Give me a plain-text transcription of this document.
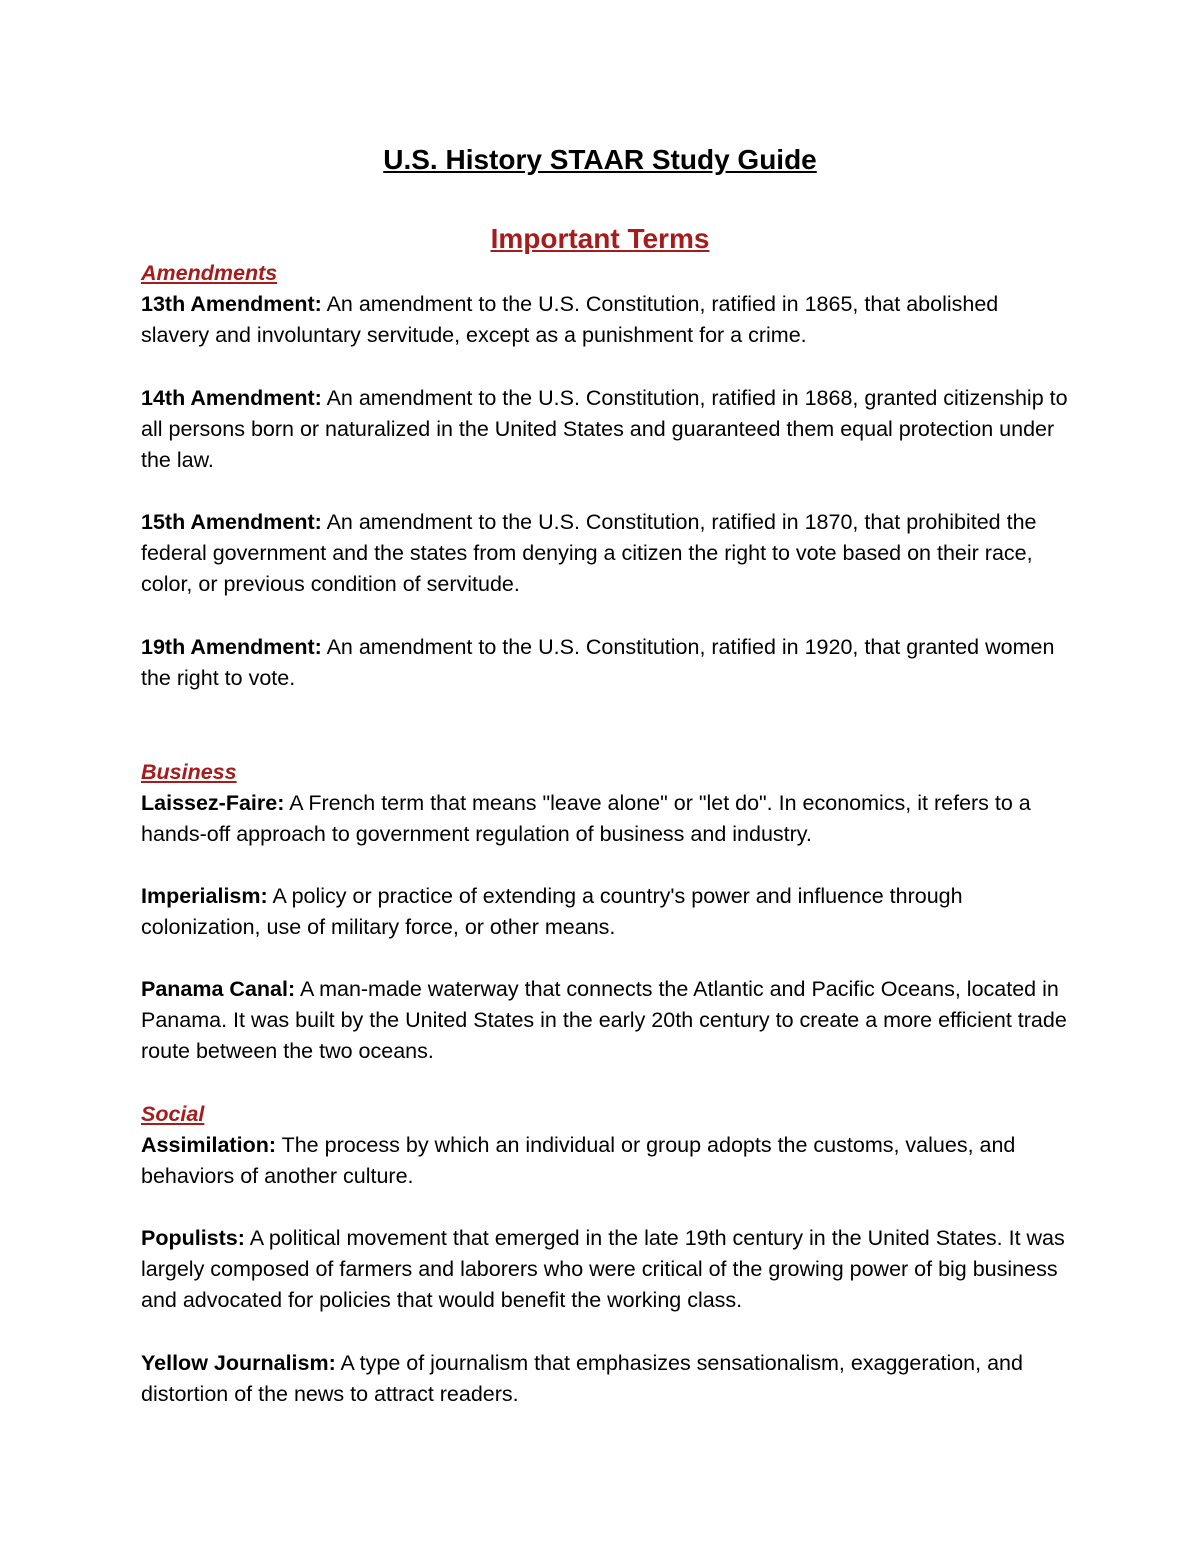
U.S. History STAAR Study Guide
Important Terms
Amendments

13th Amendment: An amendment to the U.S. Constitution, ratified in 1865, that abolished slavery and involuntary servitude, except as a punishment for a crime.

14th Amendment: An amendment to the U.S. Constitution, ratified in 1868, granted citizenship to all persons born or naturalized in the United States and guaranteed them equal protection under the law.

15th Amendment: An amendment to the U.S. Constitution, ratified in 1870, that prohibited the federal government and the states from denying a citizen the right to vote based on their race, color, or previous condition of servitude.

19th Amendment: An amendment to the U.S. Constitution, ratified in 1920, that granted women the right to vote.

Business

Laissez-Faire: A French term that means "leave alone" or "let do". In economics, it refers to a hands-off approach to government regulation of business and industry.

Imperialism: A policy or practice of extending a country's power and influence through colonization, use of military force, or other means.

Panama Canal: A man-made waterway that connects the Atlantic and Pacific Oceans, located in Panama. It was built by the United States in the early 20th century to create a more efficient trade route between the two oceans.

Social

Assimilation: The process by which an individual or group adopts the customs, values, and behaviors of another culture.

Populists: A political movement that emerged in the late 19th century in the United States. It was largely composed of farmers and laborers who were critical of the growing power of big business and advocated for policies that would benefit the working class.

Yellow Journalism: A type of journalism that emphasizes sensationalism, exaggeration, and distortion of the news to attract readers.
